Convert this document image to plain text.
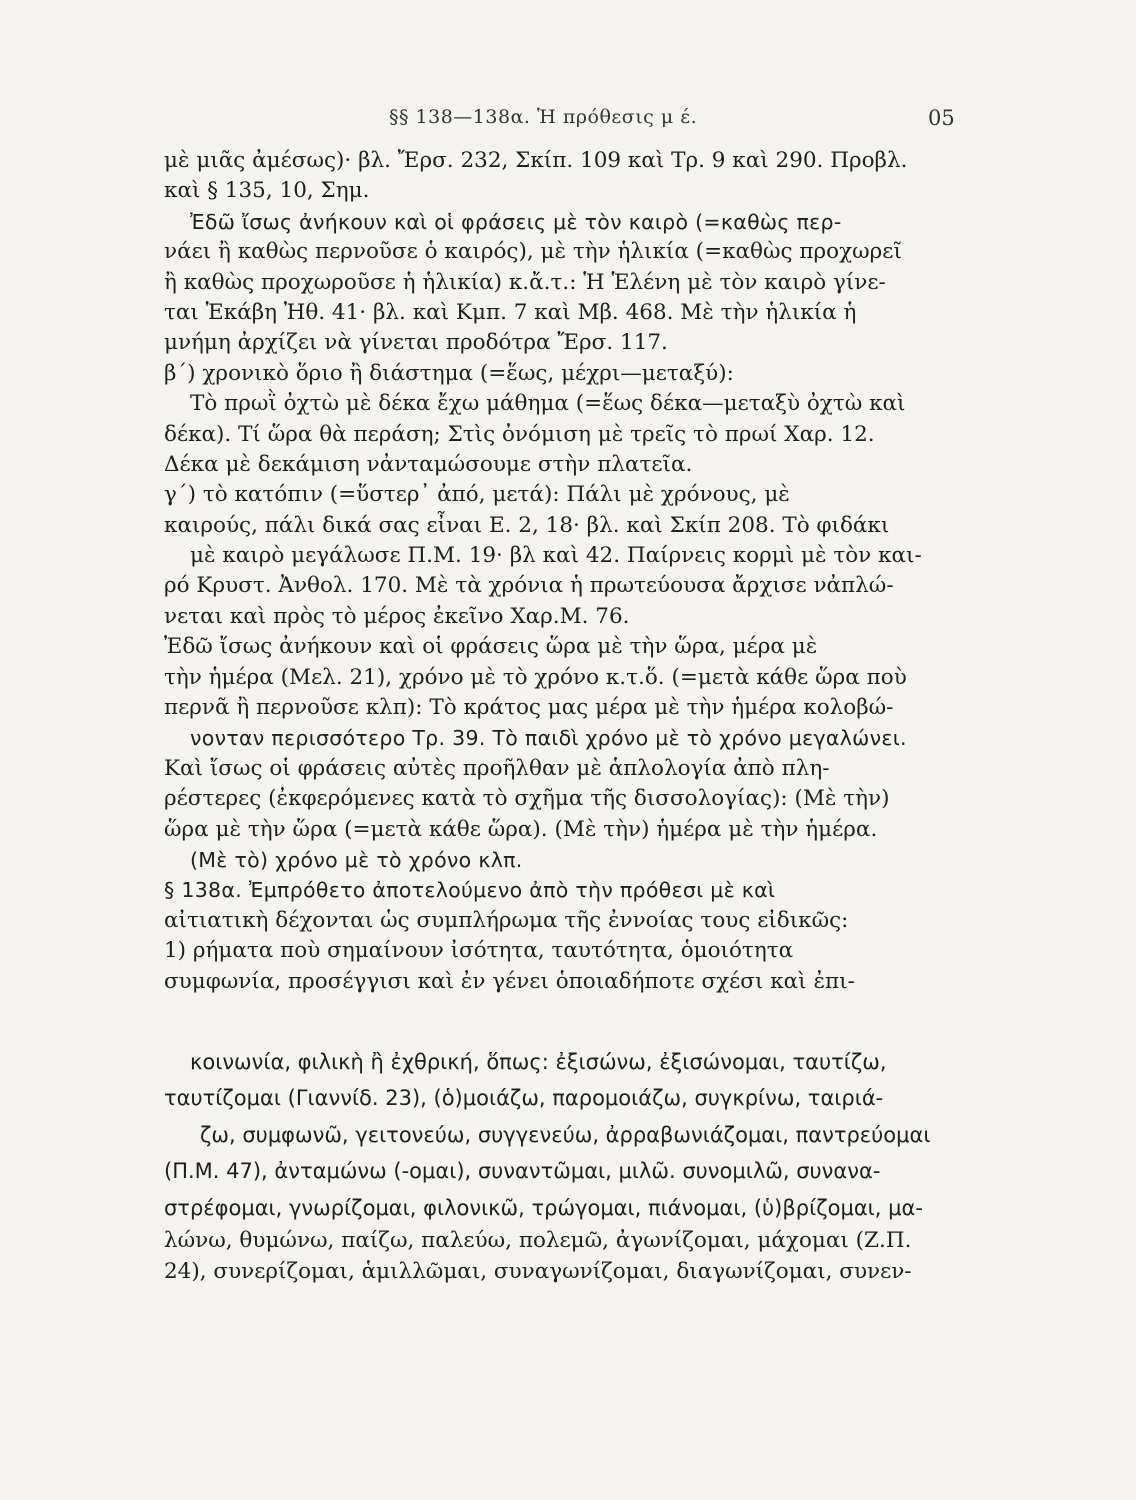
§§ 138—138α. Ἡ πρόθεσις μ έ.	05
μὲ μιᾶς ἀμέσως)· βλ. Ἔρσ. 232, Σκίπ. 109 καὶ Τρ. 9 καὶ 290. Προβλ.
καὶ § 135, 10, Σημ.
Ἐδῶ ἴσως ἀνήκουν καὶ οἱ φράσεις μὲ τὸν καιρὸ (=καθὼς περ-
νάει ἢ καθὼς περνοῦσε ὁ καιρός), μὲ τὴν ἡλικία (=καθὼς προχωρεῖ
ἢ καθὼς προχωροῦσε ἡ ἡλικία) κ.ἄ.τ.: Ἡ Ἑλένη μὲ τὸν καιρὸ γίνε-
ται Ἑκάβη Ἠθ. 41· βλ. καὶ Κμπ. 7 καὶ Μβ. 468. Μὲ τὴν ἡλικία ἡ
μνήμη ἀρχίζει νὰ γίνεται προδότρα Ἔρσ. 117.
β΄) χρονικὸ ὅριο ἢ διάστημα (=ἕως, μέχρι—μεταξύ):
Τὸ πρωῒ ὀχτὼ μὲ δέκα ἔχω μάθημα (=ἕως δέκα—μεταξὺ ὀχτὼ καὶ
δέκα). Τί ὥρα θὰ περάση; Στὶς ὀνόμιση μὲ τρεῖς τὸ πρωί Χαρ. 12.
Δέκα μὲ δεκάμιση νἀνταμώσουμε στὴν πλατεῖα.
γ΄) τὸ κατόπιν (=ὕστερ᾿ ἀπό, μετά): Πάλι μὲ χρόνους, μὲ
καιρούς, πάλι δικά σας εἶναι Ε. 2, 18· βλ. καὶ Σκίπ 208. Τὸ φιδάκι
μὲ καιρὸ μεγάλωσε Π.Μ. 19· βλ καὶ 42. Παίρνεις κορμὶ μὲ τὸν και-
ρό Κρυστ. Ἀνθολ. 170. Μὲ τὰ χρόνια ἡ πρωτεύουσα ἄρχισε νἀπλώ-
νεται καὶ πρὸς τὸ μέρος ἐκεῖνο Χαρ.Μ. 76.
Ἐδῶ ἴσως ἀνήκουν καὶ οἱ φράσεις ὥρα μὲ τὴν ὥρα, μέρα μὲ
τὴν ἡμέρα (Μελ. 21), χρόνο μὲ τὸ χρόνο κ.τ.ὅ. (=μετὰ κάθε ὥρα ποὺ
περνᾶ ἢ περνοῦσε κλπ): Τὸ κράτος μας μέρα μὲ τὴν ἡμέρα κολοβώ-
νονταν περισσότερο Τρ. 39. Τὸ παιδὶ χρόνο μὲ τὸ χρόνο μεγαλώνει.
Καὶ ἴσως οἱ φράσεις αὐτὲς προῆλθαν μὲ ἁπλολογία ἀπὸ πλη-
ρέστερες (ἐκφερόμενες κατὰ τὸ σχῆμα τῆς δισσολογίας): (Μὲ τὴν)
ὥρα μὲ τὴν ὥρα (=μετὰ κάθε ὥρα). (Μὲ τὴν) ἡμέρα μὲ τὴν ἡμέρα.
(Μὲ τὸ) χρόνο μὲ τὸ χρόνο κλπ.
§ 138α. Ἐμπρόθετο ἀποτελούμενο ἀπὸ τὴν πρόθεσι μὲ καὶ
αἰτιατικὴ δέχονται ὡς συμπλήρωμα τῆς ἐννοίας τους εἰδικῶς:
1) ρήματα ποὺ σημαίνουν ἰσότητα, ταυτότητα, ὁμοιότητα
συμφωνία, προσέγγισι καὶ ἐν γένει ὁποιαδήποτε σχέσι καὶ ἐπι-
κοινωνία, φιλικὴ ἢ ἐχθρική, ὅπως: ἐξισώνω, ἐξισώνομαι, ταυτίζω,
ταυτίζομαι (Γιαννίδ. 23), (ὁ)μοιάζω, παρομοιάζω, συγκρίνω, ταιριά-
ζω, συμφωνῶ, γειτονεύω, συγγενεύω, ἀρραβωνιάζομαι, παντρεύομαι
(Π.Μ. 47), ἀνταμώνω (-ομαι), συναντῶμαι, μιλῶ. συνομιλῶ, συνανα-
στρέφομαι, γνωρίζομαι, φιλονικῶ, τρώγομαι, πιάνομαι, (ὑ)βρίζομαι, μα-
λώνω, θυμώνω, παίζω, παλεύω, πολεμῶ, ἀγωνίζομαι, μάχομαι (Ζ.Π.
24), συνερίζομαι, ἁμιλλῶμαι, συναγωνίζομαι, διαγωνίζομαι, συνεν-
